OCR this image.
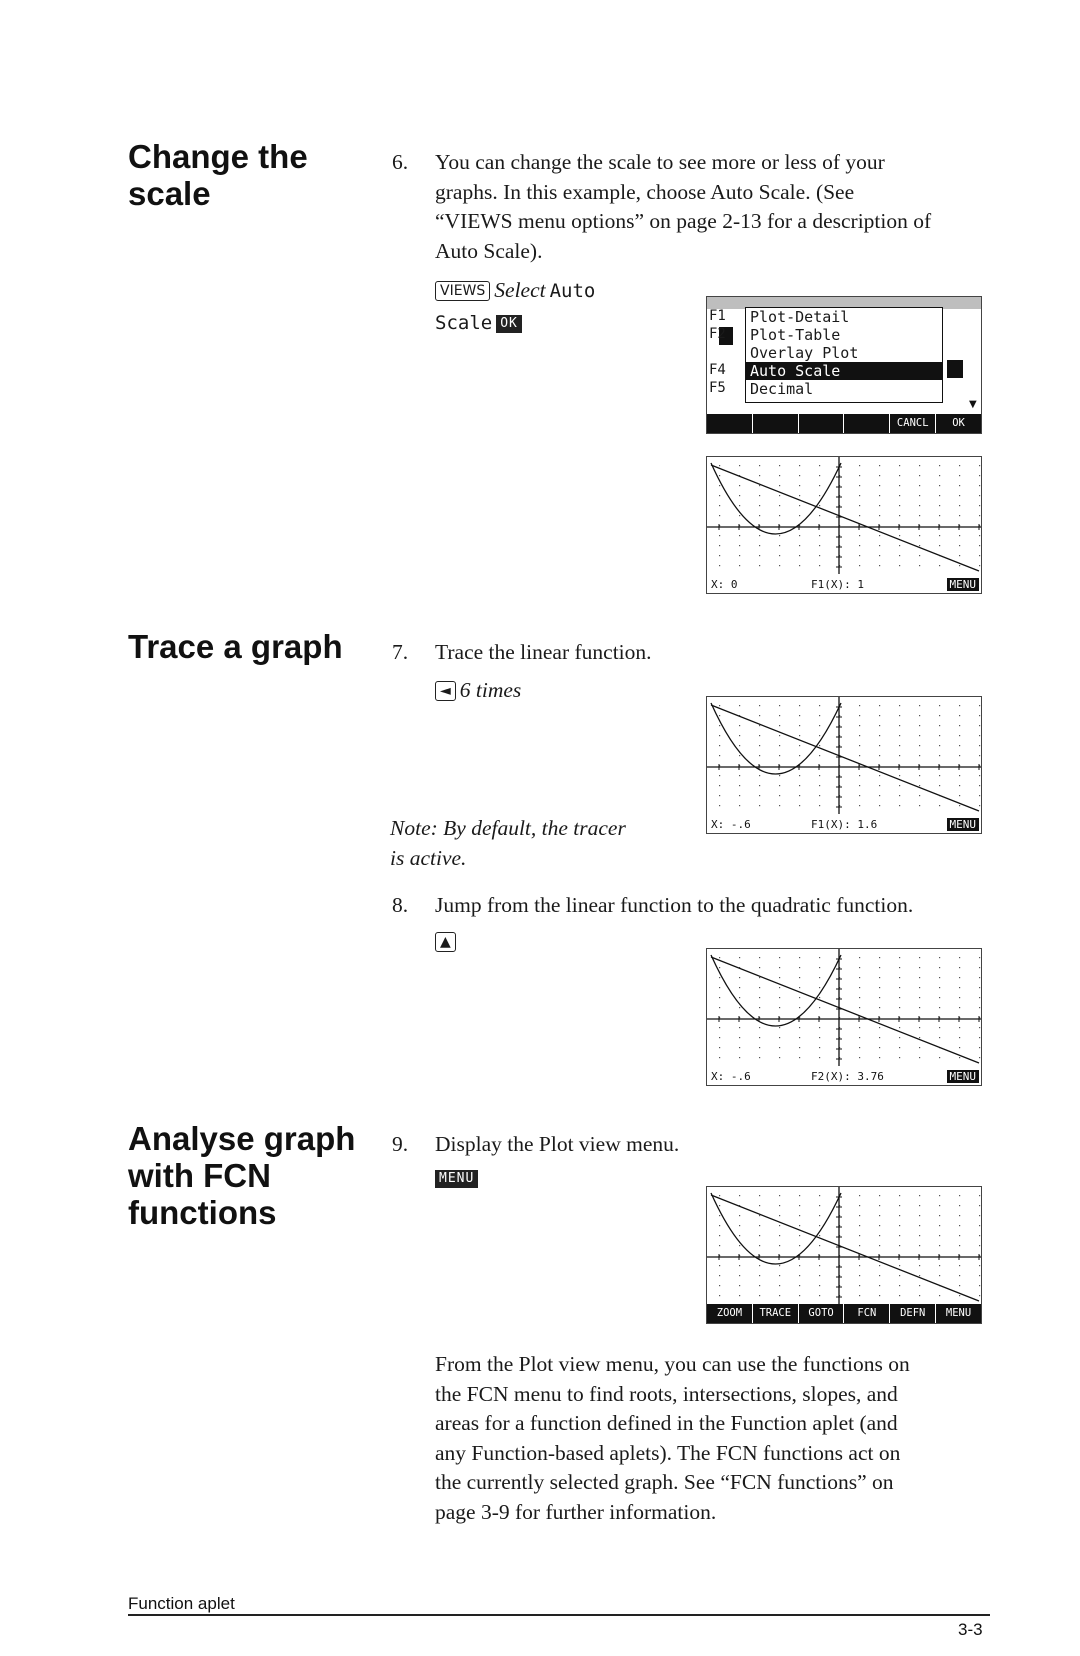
Change the
scale
Trace a graph
Analyse graph
with FCN
functions
6. You can change the scale to see more or less of your
graphs. In this example, choose Auto Scale. (See
“VIEWS menu options” on page 2-13 for a description of
Auto Scale).
VIEWS Select Auto
Scale OK
▼
F1
F2
F3
F4
F5
Plot-Detail
Plot-Table
Overlay Plot
Auto Scale
Decimal
CANCL	OK
X: 0	F1(X): 1	MENU
7. Trace the linear function.
◄ 6 times
Note: By default, the tracer
is active.
X: -.6	F1(X): 1.6	MENU
8. Jump from the linear function to the quadratic function.
▲
X: -.6	F2(X): 3.76	MENU
9. Display the Plot view menu.
MENU
ZOOM	TRACE	GOTO	FCN	DEFN	MENU
From the Plot view menu, you can use the functions on
the FCN menu to find roots, intersections, slopes, and
areas for a function defined in the Function aplet (and
any Function-based aplets). The FCN functions act on
the currently selected graph. See “FCN functions” on
page 3-9 for further information.
Function aplet
3-3
